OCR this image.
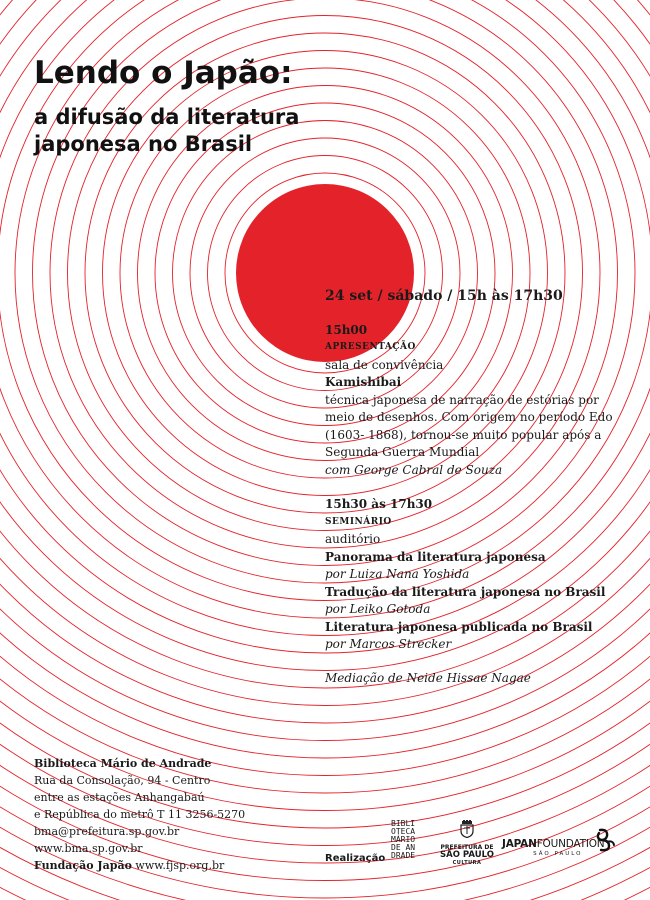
Lendo o Japão:
a difusão da literatura
japonesa no Brasil
24 set / sábado / 15h às 17h30
15h00
APRESENTAÇÃO
sala de convivência
Kamishibai
técnica japonesa de narração de estórias por
meio de desenhos. Com origem no período Edo
(1603- 1868), tornou-se muito popular após a
Segunda Guerra Mundial
com George Cabral de Souza
15h30 às 17h30
SEMINÁRIO
auditório
Panorama da literatura japonesa
por Luiza Nana Yoshida
Tradução da literatura japonesa no Brasil
por Leiko Gotoda
Literatura japonesa publicada no Brasil
por Marcos Strecker
Mediação de Neide Hissae Nagae
Biblioteca Mário de Andrade
Rua da Consolação, 94 - Centro
entre as estações Anhangabaú
e República do metrô T 11 3256-5270
bma@prefeitura.sp.gov.br
www.bma.sp.gov.br
Fundação Japão www.fjsp.org.br
Realização
BIBLI
OTECA
MÁRIO
DE AN
DRADE
PREFEITURA DE
SÃO PAULO
CULTURA
JAPANFOUNDATION
SÃO PAULO
